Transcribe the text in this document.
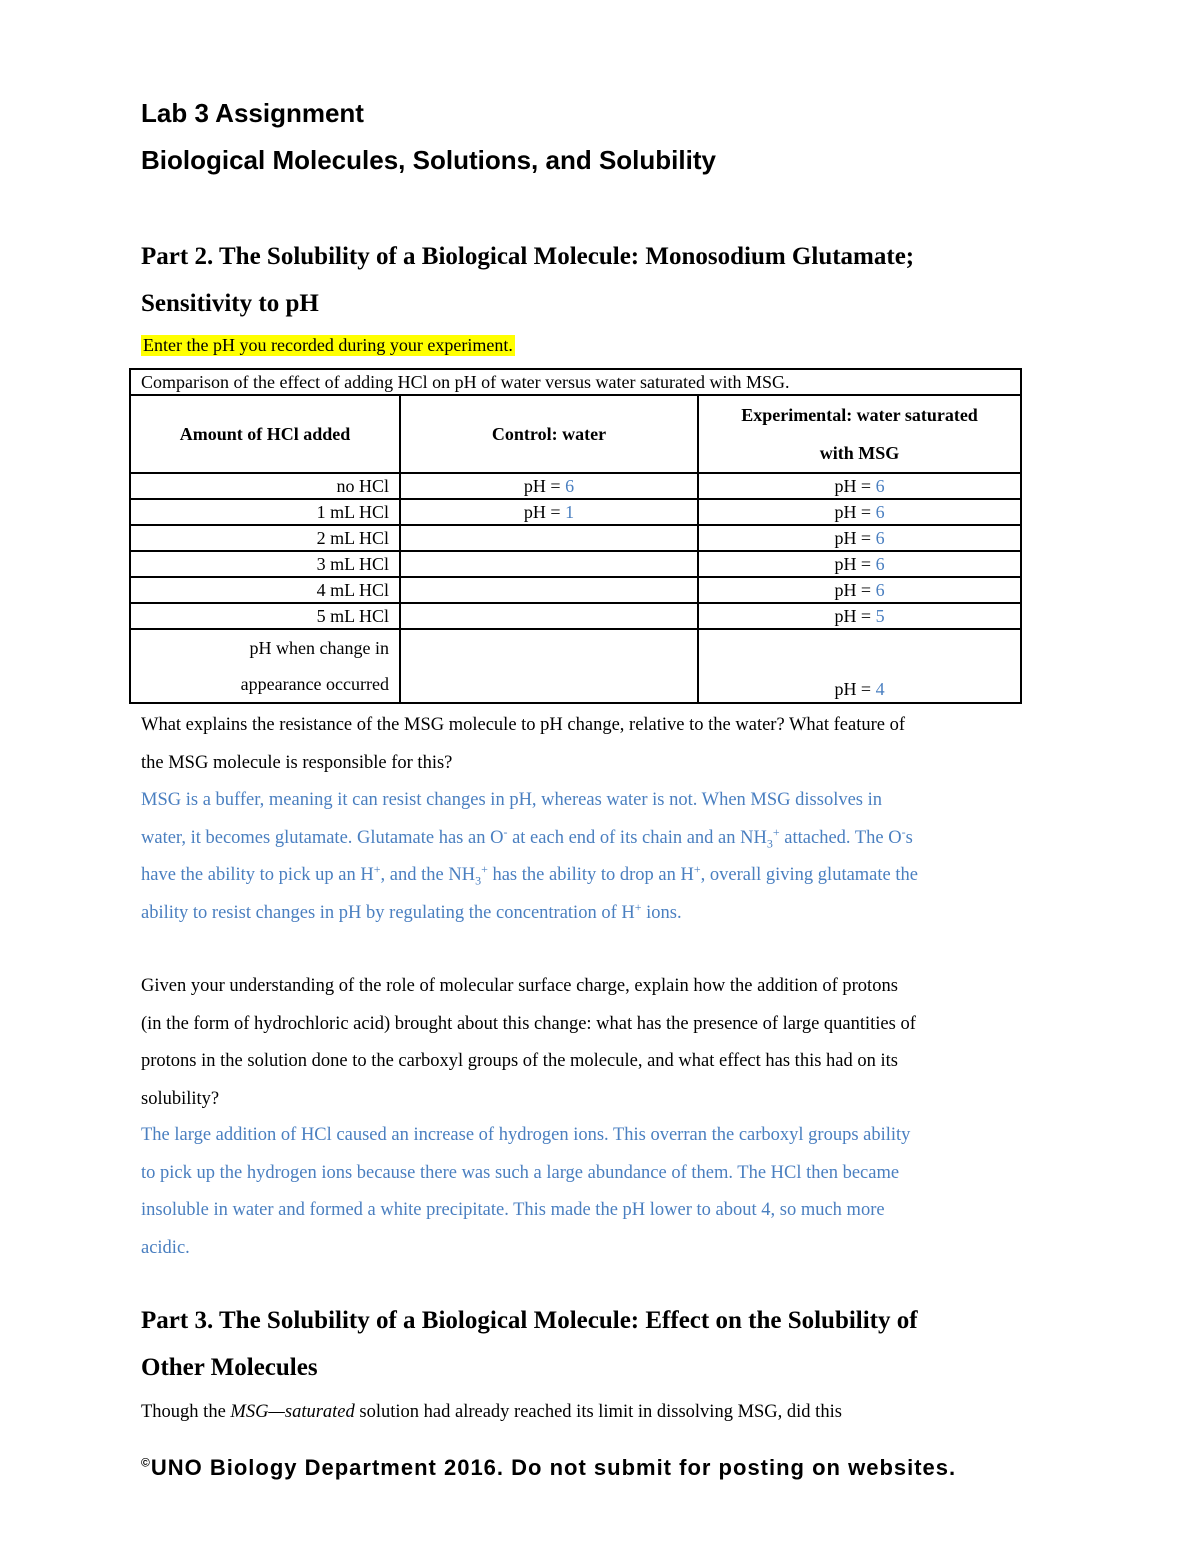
Lab 3 Assignment
Biological Molecules, Solutions, and Solubility
Part 2. The Solubility of a Biological Molecule: Monosodium Glutamate;
Sensitivity to pH
Enter the pH you recorded during your experiment.
Comparison of the effect of adding HCl on pH of water versus water saturated with MSG.		
Amount of HCl added	Control: water	Experimental: water saturated
with MSG
no HCl	pH = 6	pH = 6
1 mL HCl	pH = 1	pH = 6
2 mL HCl		pH = 6
3 mL HCl		pH = 6
4 mL HCl		pH = 6
5 mL HCl		pH = 5
pH when change in
appearance occurred		pH = 4
What explains the resistance of the MSG molecule to pH change, relative to the water? What feature of
the MSG molecule is responsible for this?
MSG is a buffer, meaning it can resist changes in pH, whereas water is not. When MSG dissolves in
water, it becomes glutamate. Glutamate has an O- at each end of its chain and an $NH_3^+$ attached. The O-s
have the ability to pick up an H+, and the $NH_3^+$ has the ability to drop an H+, overall giving glutamate the
ability to resist changes in pH by regulating the concentration of H+ ions.
Given your understanding of the role of molecular surface charge, explain how the addition of protons
(in the form of hydrochloric acid) brought about this change: what has the presence of large quantities of
protons in the solution done to the carboxyl groups of the molecule, and what effect has this had on its
solubility?
The large addition of HCl caused an increase of hydrogen ions. This overran the carboxyl groups ability
to pick up the hydrogen ions because there was such a large abundance of them. The HCl then became
insoluble in water and formed a white precipitate. This made the pH lower to about 4, so much more
acidic.
Part 3. The Solubility of a Biological Molecule: Effect on the Solubility of
Other Molecules
Though the MSG—saturated solution had already reached its limit in dissolving MSG, did this
©UNO Biology Department 2016. Do not submit for posting on websites.
